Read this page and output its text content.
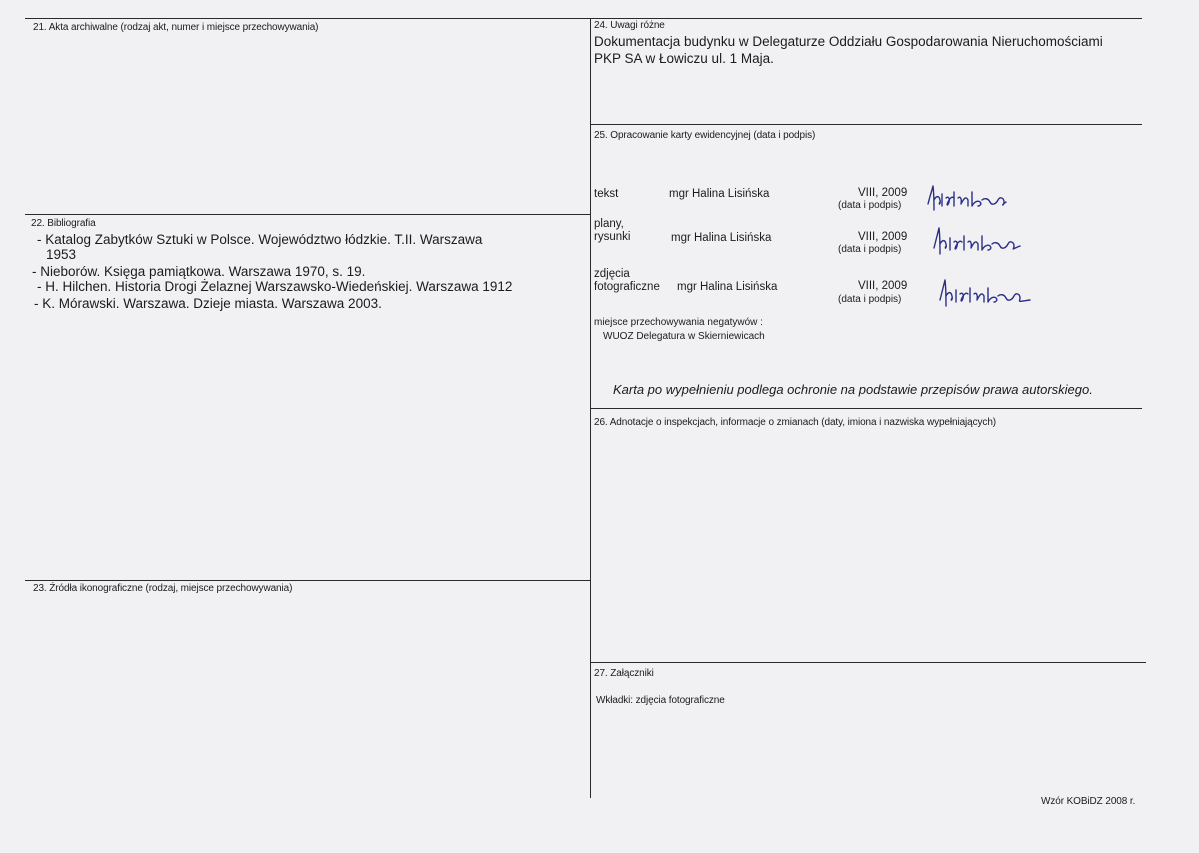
21. Akta archiwalne (rodzaj akt, numer i miejsce przechowywania)
22. Bibliografia
- Katalog Zabytków Sztuki w Polsce. Województwo łódzkie. T.II. Warszawa
1953
- Nieborów. Księga pamiątkowa. Warszawa 1970, s. 19.
- H. Hilchen. Historia Drogi Żelaznej Warszawsko-Wiedeńskiej. Warszawa 1912
- K. Mórawski. Warszawa. Dzieje miasta. Warszawa 2003.
23. Źródła ikonograficzne (rodzaj, miejsce przechowywania)
24. Uwagi różne
Dokumentacja budynku w Delegaturze Oddziału Gospodarowania Nieruchomościami
PKP SA w Łowiczu ul. 1 Maja.
25. Opracowanie karty ewidencyjnej (data i podpis)
tekst	mgr Halina Lisińska	VIII, 2009
(data i podpis)
plany,
rysunki	mgr Halina Lisińska	VIII, 2009
(data i podpis)
zdjęcia
fotograficzne mgr Halina Lisińska	VIII, 2009
(data i podpis)
miejsce przechowywania negatywów :
WUOZ Delegatura w Skierniewicach
Karta po wypełnieniu podlega ochronie na podstawie przepisów prawa autorskiego.
26. Adnotacje o inspekcjach, informacje o zmianach (daty, imiona i nazwiska wypełniających)
27. Załączniki
Wkładki: zdjęcia fotograficzne
Wzór KOBiDZ 2008 r.
